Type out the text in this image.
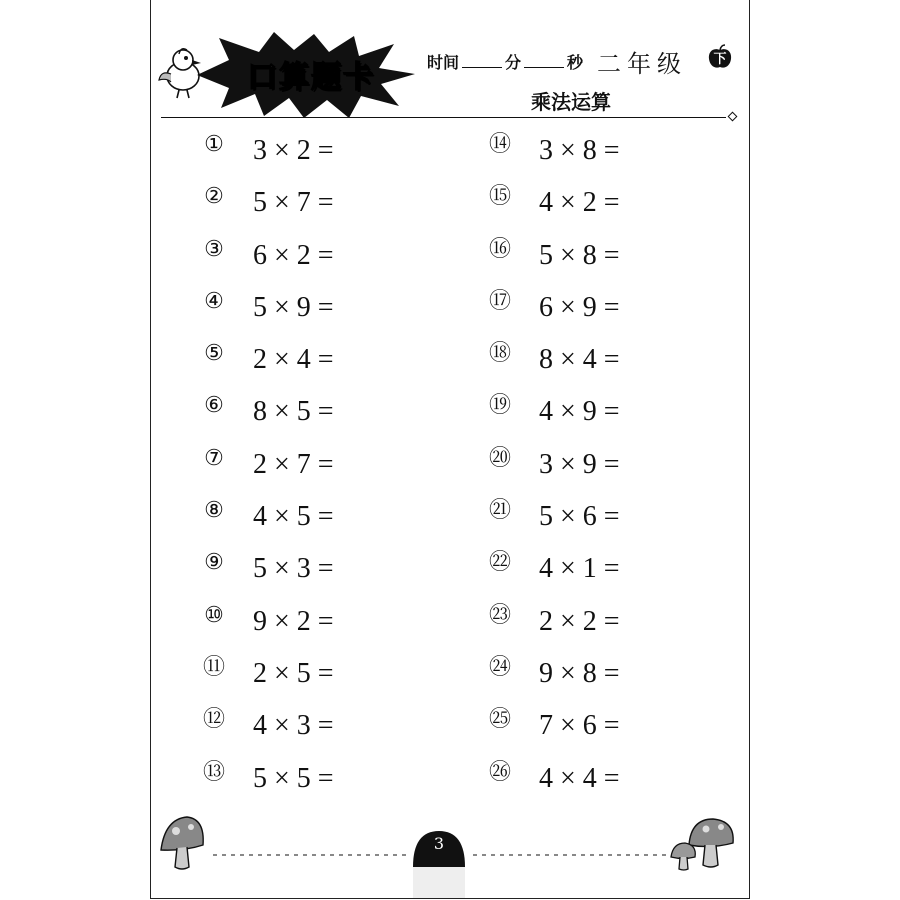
口算题卡	时间	分	秒 二年级 下
乘法运算
① 3 × 2 =
② 5 × 7 =
③ 6 × 2 =
④ 5 × 9 =
⑤ 2 × 4 =
⑥ 8 × 5 =
⑦ 2 × 7 =
⑧ 4 × 5 =
⑨ 5 × 3 =
⑩ 9 × 2 =
⑪ 2 × 5 =
⑫ 4 × 3 =
⑬ 5 × 5 =
⑭ 3 × 8 =
⑮ 4 × 2 =
⑯ 5 × 8 =
⑰ 6 × 9 =
⑱ 8 × 4 =
⑲ 4 × 9 =
⑳ 3 × 9 =
㉑ 5 × 6 =
㉒ 4 × 1 =
㉓ 2 × 2 =
㉔ 9 × 8 =
㉕ 7 × 6 =
㉖ 4 × 4 =
3
